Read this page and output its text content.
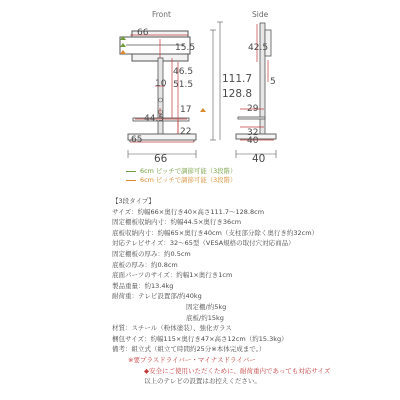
Front
66
15.5
46.5
10 51.5
17
44.5
22
65
66
111.7
128.8
Side
42.5
5
29
32
40
40
6cm ピッチで調節可能（3段階）
6cm ピッチで調節可能（3段階）
【3段タイプ】
サイズ：約幅66×奥行き40×高さ111.7～128.8cm
固定棚板収納内寸：約幅44.5×奥行き36cm
底板収納内寸：約幅65×奥行き40cm（支柱部分除く奥行き約32cm）
対応テレビサイズ：32～65型（VESA規格の取付穴対応商品）
固定棚板の厚み：約0.5cm
底板の厚み：約0.8cm
底面パーツのサイズ：約幅1×奥行き1cm
製品重量：約13.4kg
耐荷重：テレビ設置部/約40kg
固定棚/約5kg
底板/約15kg
材質：スチール（粉体塗装）、強化ガラス
梱包サイズ：約幅115×奥行き47×高さ12cm（約15.3kg）
備考：組立式（組立て時間約25分※本体完成まで。）
※要プラスドライバー・マイナスドライバー
◆安全にご使用いただくために、耐荷重内であっても対応サイズ
以上のテレビの設置はお控えください。
